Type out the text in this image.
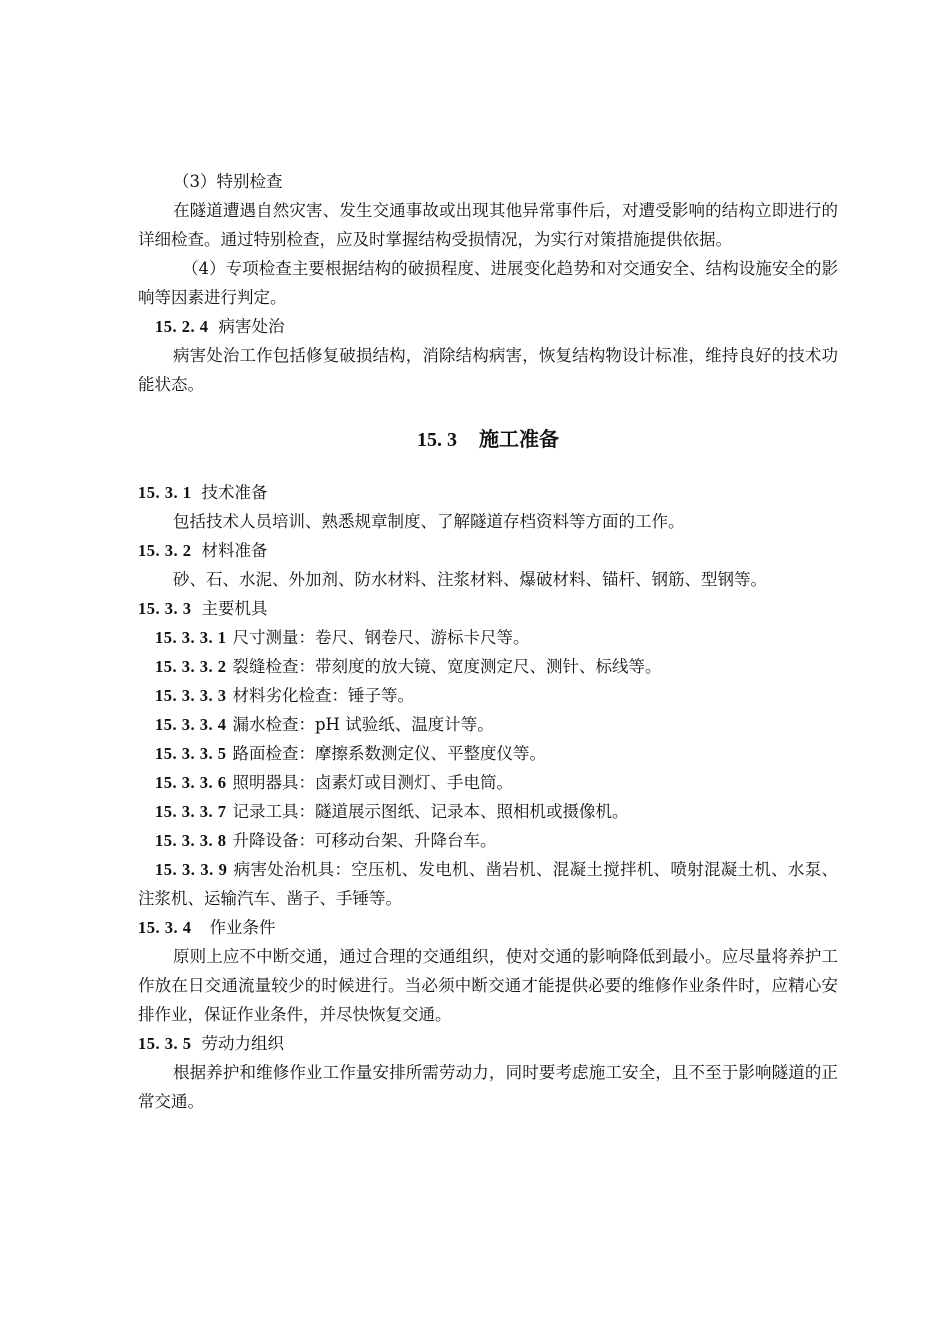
（3）特别检查

在隧道遭遇自然灾害、发生交通事故或出现其他异常事件后，对遭受影响的结构立即进行的详细检查。通过特别检查，应及时掌握结构受损情况，为实行对策措施提供依据。

（4）专项检查主要根据结构的破损程度、进展变化趋势和对交通安全、结构设施安全的影响等因素进行判定。

15. 2. 4 病害处治

病害处治工作包括修复破损结构，消除结构病害，恢复结构物设计标准，维持良好的技术功能状态。

15. 3 施工准备

15. 3. 1 技术准备

包括技术人员培训、熟悉规章制度、了解隧道存档资料等方面的工作。

15. 3. 2 材料准备

砂、石、水泥、外加剂、防水材料、注浆材料、爆破材料、锚杆、钢筋、型钢等。

15. 3. 3 主要机具

15. 3. 3. 1 尺寸测量：卷尺、钢卷尺、游标卡尺等。

15. 3. 3. 2 裂缝检查：带刻度的放大镜、宽度测定尺、测针、标线等。

15. 3. 3. 3 材料劣化检查：锤子等。

15. 3. 3. 4 漏水检查：pH 试验纸、温度计等。

15. 3. 3. 5 路面检查：摩擦系数测定仪、平整度仪等。

15. 3. 3. 6 照明器具：卤素灯或目测灯、手电筒。

15. 3. 3. 7 记录工具：隧道展示图纸、记录本、照相机或摄像机。

15. 3. 3. 8 升降设备：可移动台架、升降台车。

15. 3. 3. 9 病害处治机具：空压机、发电机、凿岩机、混凝土搅拌机、喷射混凝土机、水泵、注浆机、运输汽车、凿子、手锤等。

15. 3. 4 作业条件

原则上应不中断交通，通过合理的交通组织，使对交通的影响降低到最小。应尽量将养护工作放在日交通流量较少的时候进行。当必须中断交通才能提供必要的维修作业条件时，应精心安排作业，保证作业条件，并尽快恢复交通。

15. 3. 5 劳动力组织

根据养护和维修作业工作量安排所需劳动力，同时要考虑施工安全，且不至于影响隧道的正常交通。
